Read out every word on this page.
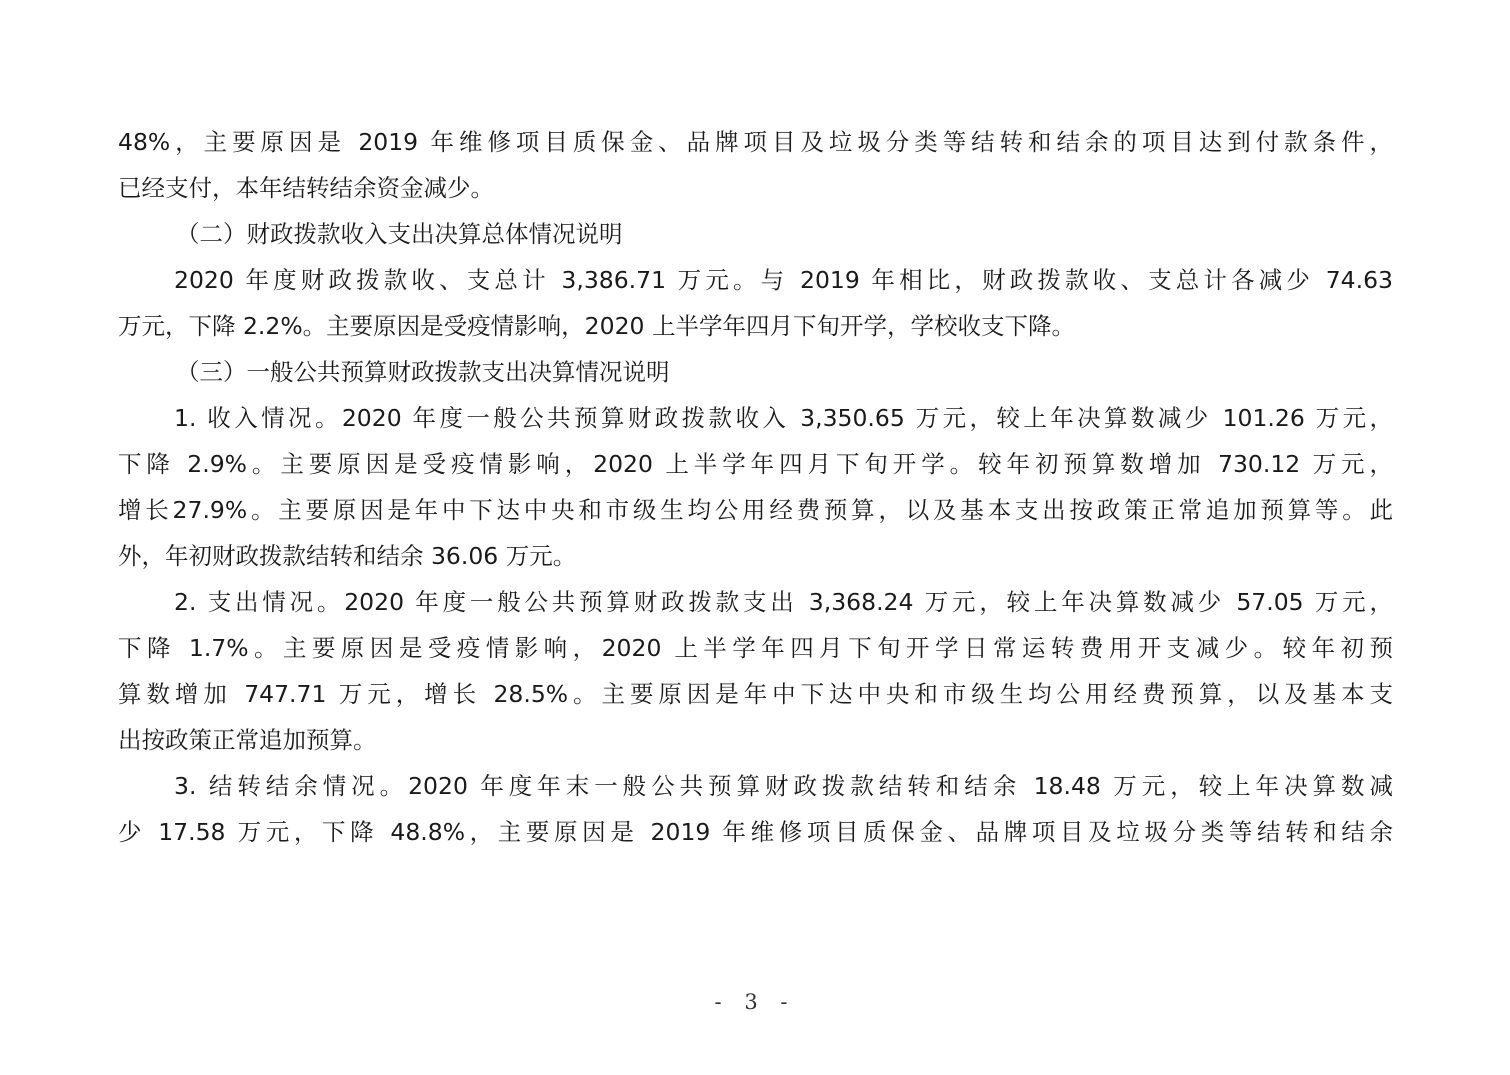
48%，主要原因是 2019 年维修项目质保金、品牌项目及垃圾分类等结转和结余的项目达到付款条件，
已经支付，本年结转结余资金减少。
（二）财政拨款收入支出决算总体情况说明
2020 年度财政拨款收、支总计 3,386.71 万元。与 2019 年相比，财政拨款收、支总计各减少 74.63
万元，下降 2.2%。主要原因是受疫情影响，2020 上半学年四月下旬开学，学校收支下降。
（三）一般公共预算财政拨款支出决算情况说明
1. 收入情况。2020 年度一般公共预算财政拨款收入 3,350.65 万元，较上年决算数减少 101.26 万元，
下降 2.9%。主要原因是受疫情影响，2020 上半学年四月下旬开学。较年初预算数增加 730.12 万元，
增长27.9%。主要原因是年中下达中央和市级生均公用经费预算，以及基本支出按政策正常追加预算等。此
外，年初财政拨款结转和结余 36.06 万元。
2. 支出情况。2020 年度一般公共预算财政拨款支出 3,368.24 万元，较上年决算数减少 57.05 万元，
下降 1.7%。主要原因是受疫情影响，2020 上半学年四月下旬开学日常运转费用开支减少。较年初预
算数增加 747.71 万元，增长 28.5%。主要原因是年中下达中央和市级生均公用经费预算，以及基本支
出按政策正常追加预算。
3. 结转结余情况。2020 年度年末一般公共预算财政拨款结转和结余 18.48 万元，较上年决算数减
少 17.58 万元，下降 48.8%，主要原因是 2019 年维修项目质保金、品牌项目及垃圾分类等结转和结余
- 3 -
